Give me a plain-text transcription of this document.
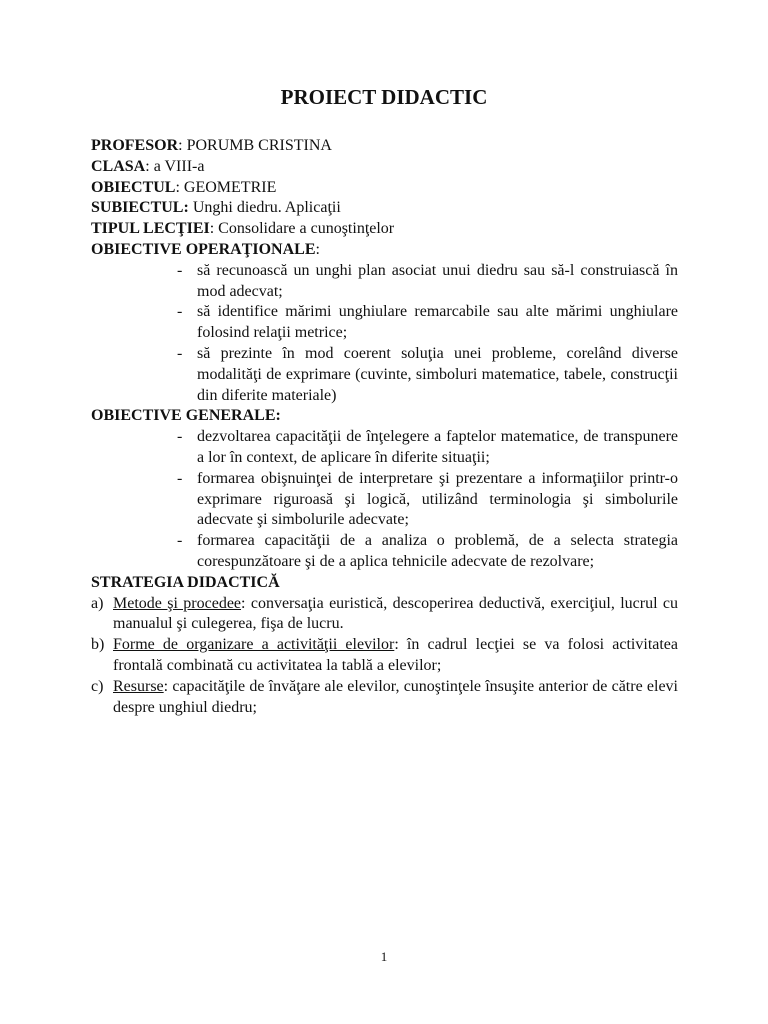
PROIECT DIDACTIC
PROFESOR: PORUMB CRISTINA
CLASA: a VIII-a
OBIECTUL: GEOMETRIE
SUBIECTUL: Unghi diedru. Aplicaţii
TIPUL LECŢIEI: Consolidare a cunoştinţelor
OBIECTIVE OPERAŢIONALE:
- să recunoască un unghi plan asociat unui diedru sau să-l construiască în mod adecvat;
- să identifice mărimi unghiulare remarcabile sau alte mărimi unghiulare folosind relaţii metrice;
- să prezinte în mod coerent soluţia unei probleme, corelând diverse modalităţi de exprimare (cuvinte, simboluri matematice, tabele, construcţii din diferite materiale)
OBIECTIVE GENERALE:
- dezvoltarea capacităţii de înţelegere a faptelor matematice, de transpunere a lor în context, de aplicare în diferite situaţii;
- formarea obişnuinţei de interpretare şi prezentare a informaţiilor printr-o exprimare riguroasă şi logică, utilizând terminologia şi simbolurile adecvate şi simbolurile adecvate;
- formarea capacităţii de a analiza o problemă, de a selecta strategia corespunzătoare şi de a aplica tehnicile adecvate de rezolvare;
STRATEGIA DIDACTICĂ
a) Metode şi procedee: conversaţia euristică, descoperirea deductivă, exerciţiul, lucrul cu manualul şi culegerea, fişa de lucru.
b) Forme de organizare a activităţii elevilor: în cadrul lecţiei se va folosi activitatea frontală combinată cu activitatea la tablă a elevilor;
c) Resurse: capacităţile de învăţare ale elevilor, cunoştinţele însuşite anterior de către elevi despre unghiul diedru;
1
